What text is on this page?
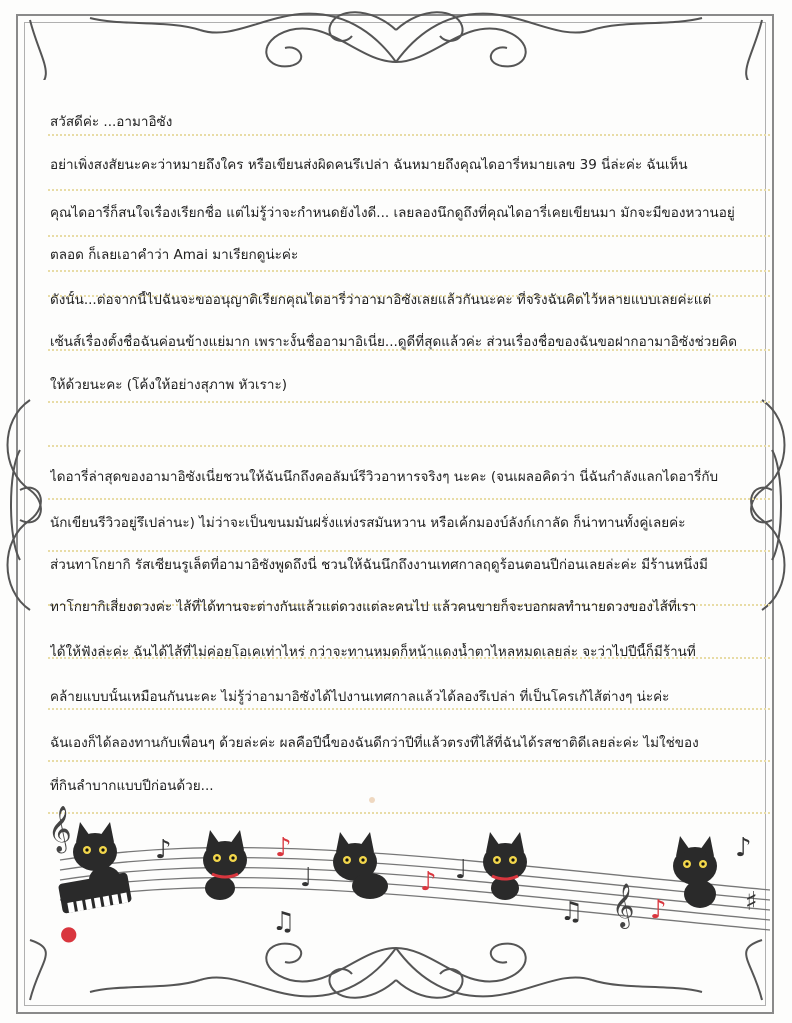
สวัสดีค่ะ ...อามาอิซัง
อย่าเพิ่งสงสัยนะคะว่าหมายถึงใคร หรือเขียนส่งผิดคนรึเปล่า ฉันหมายถึงคุณไดอารี่หมายเลข 39 นี่ล่ะค่ะ ฉันเห็น
คุณไดอารี่ก็สนใจเรื่องเรียกชื่อ แต่ไม่รู้ว่าจะกำหนดยังไงดี... เลยลองนึกดูถึงที่คุณไดอารี่เคยเขียนมา มักจะมีของหวานอยู่
ตลอด ก็เลยเอาคำว่า Amai มาเรียกดูน่ะค่ะ
ดังนั้น...ต่อจากนี้ไปฉันจะขออนุญาติเรียกคุณไดอารี่ว่าอามาอิซังเลยแล้วกันนะคะ ที่จริงฉันคิดไว้หลายแบบเลยค่ะแต่
เซ้นส์เรื่องตั้งชื่อฉันค่อนข้างแย่มาก เพราะงั้นชื่ออามาอิเนี่ย...ดูดีที่สุดแล้วค่ะ ส่วนเรื่องชื่อของฉันขอฝากอามาอิซังช่วยคิด
ให้ด้วยนะคะ (โค้งให้อย่างสุภาพ หัวเราะ)
ไดอารี่ล่าสุดของอามาอิซังเนี่ยชวนให้ฉันนึกถึงคอลัมน์รีวิวอาหารจริงๆ นะคะ (จนเผลอคิดว่า นี่ฉันกำลังแลกไดอารี่กับ
นักเขียนรีวิวอยู่รึเปล่านะ) ไม่ว่าจะเป็นขนมมันฝรั่งแห่งรสมันหวาน หรือเค้กมองบ์ลังก์เกาลัด ก็น่าทานทั้งคู่เลยค่ะ
ส่วนทาโกยากิ รัสเซียนรูเล็ตที่อามาอิซังพูดถึงนี่ ชวนให้ฉันนึกถึงงานเทศกาลฤดูร้อนตอนปีก่อนเลยล่ะค่ะ มีร้านหนึ่งมี
ทาโกยากิเสี่ยงดวงค่ะ ไส้ที่ได้ทานจะต่างกันแล้วแต่ดวงแต่ละคนไป แล้วคนขายก็จะบอกผลทำนายดวงของไส้ที่เรา
ได้ให้ฟังล่ะค่ะ ฉันได้ไส้ที่ไม่ค่อยโอเคเท่าไหร่ กว่าจะทานหมดก็หน้าแดงน้ำตาไหลหมดเลยล่ะ จะว่าไปปีนี้ก็มีร้านที่
คล้ายแบบนั้นเหมือนกันนะคะ ไม่รู้ว่าอามาอิซังได้ไปงานเทศกาลแล้วได้ลองรึเปล่า ที่เป็นโครเก้ไส้ต่างๆ น่ะค่ะ
ฉันเองก็ได้ลองทานกับเพื่อนๆ ด้วยล่ะค่ะ ผลคือปีนี้ของฉันดีกว่าปีที่แล้วตรงที่ไส้ที่ฉันได้รสชาติดีเลยล่ะค่ะ ไม่ใช่ของ
ที่กินลำบากแบบปีก่อนด้วย...
𝄞
𝄞
♪	♪
♩
♫
♪ ♩
♫	♪
♪
♯
●
